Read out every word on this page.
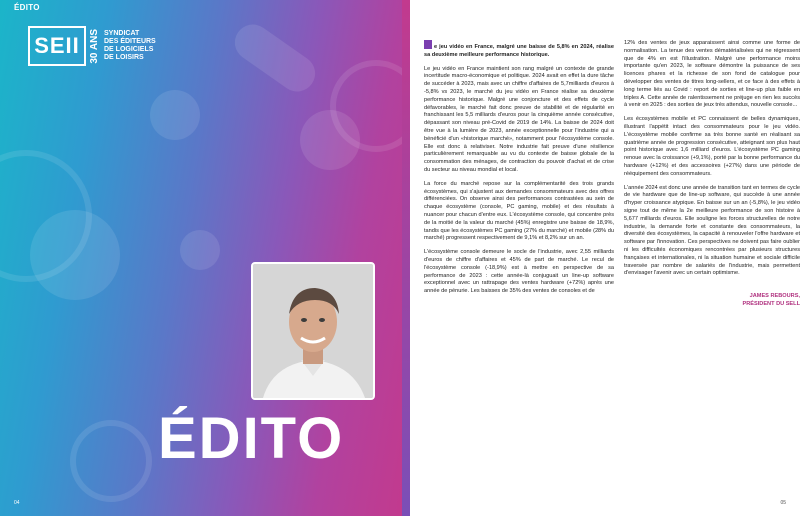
SEII 30 ANS SYNDICAT
DES ÉDITEURS
DE LOGICIELS
DE LOISIRS
ÉDITO
04
ÉDITO

e jeu vidéo en France, malgré une baisse de 5,8% en 2024, réalise sa deuxième meilleure performance historique.

Le jeu vidéo en France maintient son rang malgré un contexte de grande incertitude macro-économique et politique. 2024 avait en effet la dure tâche de succéder à 2023, mais avec un chiffre d'affaires de 5,7milliards d'euros à -5,8% vs 2023, le marché du jeu vidéo en France réalise sa deuxième performance historique. Malgré une conjoncture et des effets de cycle défavorables, le marché fait donc preuve de stabilité et de régularité en franchissant les 5,5 milliards d'euros pour la cinquième année consécutive, dépassant son niveau pré-Covid de 2019 de 14%. La baisse de 2024 doit être vue à la lumière de 2023, année exceptionnelle pour l'industrie qui a bénéficié d'un «historique marché», notamment pour l'écosystème console. Elle est donc à relativiser. Notre industrie fait preuve d'une résilience particulièrement remarquable au vu du contexte de baisse globale de la consommation des ménages, de contraction du pouvoir d'achat et de crise du secteur au niveau mondial et local.

La force du marché repose sur la complémentarité des trois grands écosystèmes, qui s'ajustent aux demandes consommateurs avec des offres différenciées. On observe ainsi des performances contrastées au sein de chaque écosystème (console, PC gaming, mobile) et des résultats à nuancer pour chacun d'entre eux. L'écosystème console, qui concentre près de la moitié de la valeur du marché (45%) enregistre une baisse de 18,9%, tandis que les écosystèmes PC gaming (27% du marché) et mobile (28% du marché) progressent respectivement de 9,1% et 8,2% sur un an.

L'écosystème console demeure le socle de l'industrie, avec 2,55 milliards d'euros de chiffre d'affaires et 45% de part de marché. Le recul de l'écosystème console (-18,9%) est à mettre en perspective de sa performance de 2023 : cette année-là conjuguait un line-up software exceptionnel avec un rattrapage des ventes hardware (+72%) après une année de pénurie. Les baisses de 35% des ventes de consoles et de

12% des ventes de jeux apparaissent ainsi comme une forme de normalisation. La tenue des ventes dématérialisées qui ne régressent que de 4% en est l'illustration. Malgré une performance moins importante qu'en 2023, le software démontre la puissance de ses licences phares et la richesse de son fond de catalogue pour développer des ventes de titres long-sellers, et ce face à des effets à long terme liés au Covid : report de sorties et line-up plus faible en triples A. Cette année de ralentissement ne préjuge en rien les succès à venir en 2025 : des sorties de jeux très attendus, nouvelle console...

Les écosystèmes mobile et PC connaissent de belles dynamiques, illustrant l'appétit intact des consommateurs pour le jeu vidéo. L'écosystème mobile confirme sa très bonne santé en réalisant sa quatrième année de progression consécutive, atteignant son plus haut point historique avec 1,6 milliard d'euros. L'écosystème PC gaming renoue avec la croissance (+9,1%), porté par la bonne performance du hardware (+12%) et des accessoires (+27%) dans une période de rééquipement des consommateurs.

L'année 2024 est donc une année de transition tant en termes de cycle de vie hardware que de line-up software, qui succède à une année d'hyper croissance atypique. En baisse sur un an (-5,8%), le jeu vidéo signe tout de même la 2e meilleure performance de son histoire à 5,677 milliards d'euros. Elle souligne les forces structurelles de notre industrie, la demande forte et constante des consommateurs, la diversité des écosystèmes, la capacité à renouveler l'offre hardware et software par l'innovation. Ces perspectives ne doivent pas faire oublier ni les difficultés économiques rencontrées par plusieurs structures françaises et internationales, ni la situation humaine et sociale difficile traversée par nombre de salariés de l'industrie, mais permettent d'envisager l'avenir avec un certain optimisme.

JAMES REBOURS,
PRÉSIDENT DU SELL
05
